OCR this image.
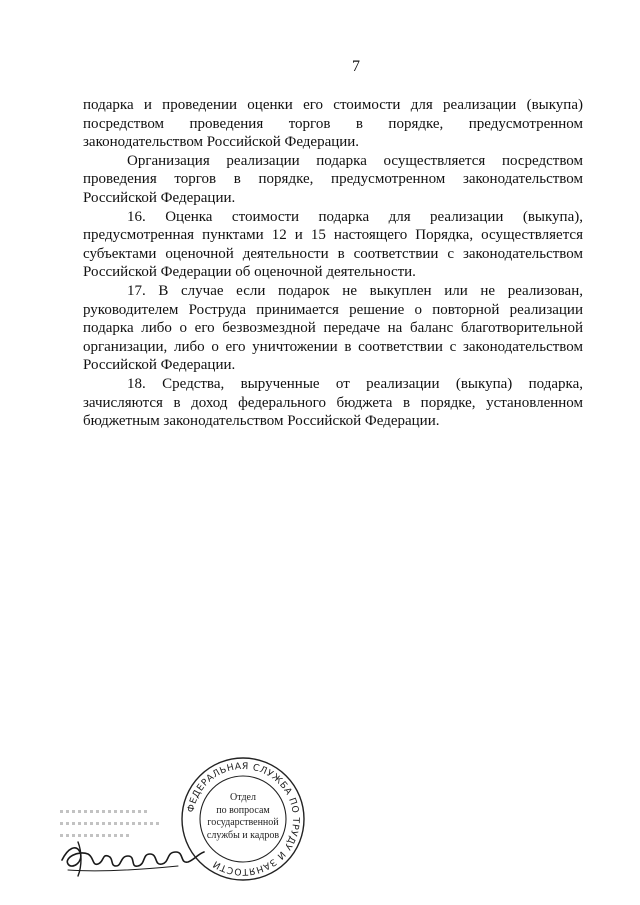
7

подарка и проведении оценки его стоимости для реализации (выкупа) посредством проведения торгов в порядке, предусмотренном законодательством Российской Федерации.

Организация реализации подарка осуществляется посредством проведения торгов в порядке, предусмотренном законодательством Российской Федерации.

16. Оценка стоимости подарка для реализации (выкупа), предусмотренная пунктами 12 и 15 настоящего Порядка, осуществляется субъектами оценочной деятельности в соответствии с законодательством Российской Федерации об оценочной деятельности.

17. В случае если подарок не выкуплен или не реализован, руководителем Роструда принимается решение о повторной реализации подарка либо о его безвозмездной передаче на баланс благотворительной организации, либо о его уничтожении в соответствии с законодательством Российской Федерации.

18. Средства, вырученные от реализации (выкупа) подарка, зачисляются в доход федерального бюджета в порядке, установленном бюджетным законодательством Российской Федерации.

ФЕДЕРАЛЬНАЯ СЛУЖБА ПО ТРУДУ И ЗАНЯТОСТИ
Отдел
по вопросам
государственной
службы и кадров
